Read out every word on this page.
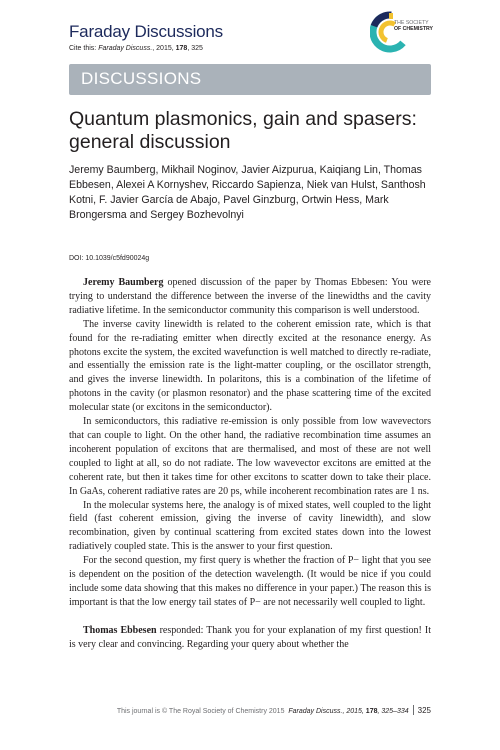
Faraday Discussions
Cite this: Faraday Discuss., 2015, 178, 325
THE SOCIETY
OF CHEMISTRY
DISCUSSIONS
Quantum plasmonics, gain and spasers: general discussion
Jeremy Baumberg, Mikhail Noginov, Javier Aizpurua, Kaiqiang Lin, Thomas Ebbesen, Alexei A Kornyshev, Riccardo Sapienza, Niek van Hulst, Santhosh Kotni, F. Javier García de Abajo, Pavel Ginzburg, Ortwin Hess, Mark Brongersma and Sergey Bozhevolnyi
DOI: 10.1039/c5fd90024g

Jeremy Baumberg opened discussion of the paper by Thomas Ebbesen: You were trying to understand the difference between the inverse of the linewidths and the cavity radiative lifetime. In the semiconductor community this comparison is well understood.

The inverse cavity linewidth is related to the coherent emission rate, which is that found for the re-radiating emitter when directly excited at the resonance energy. As photons excite the system, the excited wavefunction is well matched to directly re-radiate, and essentially the emission rate is the light-matter coupling, or the oscillator strength, and gives the inverse linewidth. In polaritons, this is a combination of the lifetime of photons in the cavity (or plasmon resonator) and the phase scattering time of the excited molecular state (or excitons in the semiconductor).

In semiconductors, this radiative re-emission is only possible from low wavevectors that can couple to light. On the other hand, the radiative recombination time assumes an incoherent population of excitons that are thermalised, and most of these are not well coupled to light at all, so do not radiate. The low wavevector excitons are emitted at the coherent rate, but then it takes time for other excitons to scatter down to take their place. In GaAs, coherent radiative rates are 20 ps, while incoherent recombination rates are 1 ns.

In the molecular systems here, the analogy is of mixed states, well coupled to the light field (fast coherent emission, giving the inverse of cavity linewidth), and slow recombination, given by continual scattering from excited states down into the lowest radiatively coupled state. This is the answer to your first question.

For the second question, my first query is whether the fraction of P− light that you see is dependent on the position of the detection wavelength. (It would be nice if you could include some data showing that this makes no difference in your paper.) The reason this is important is that the low energy tail states of P− are not necessarily well coupled to light.

Thomas Ebbesen responded: Thank you for your explanation of my first question! It is very clear and convincing. Regarding your query about whether the

This journal is © The Royal Society of Chemistry 2015 Faraday Discuss., 2015, 178, 325–334 325
